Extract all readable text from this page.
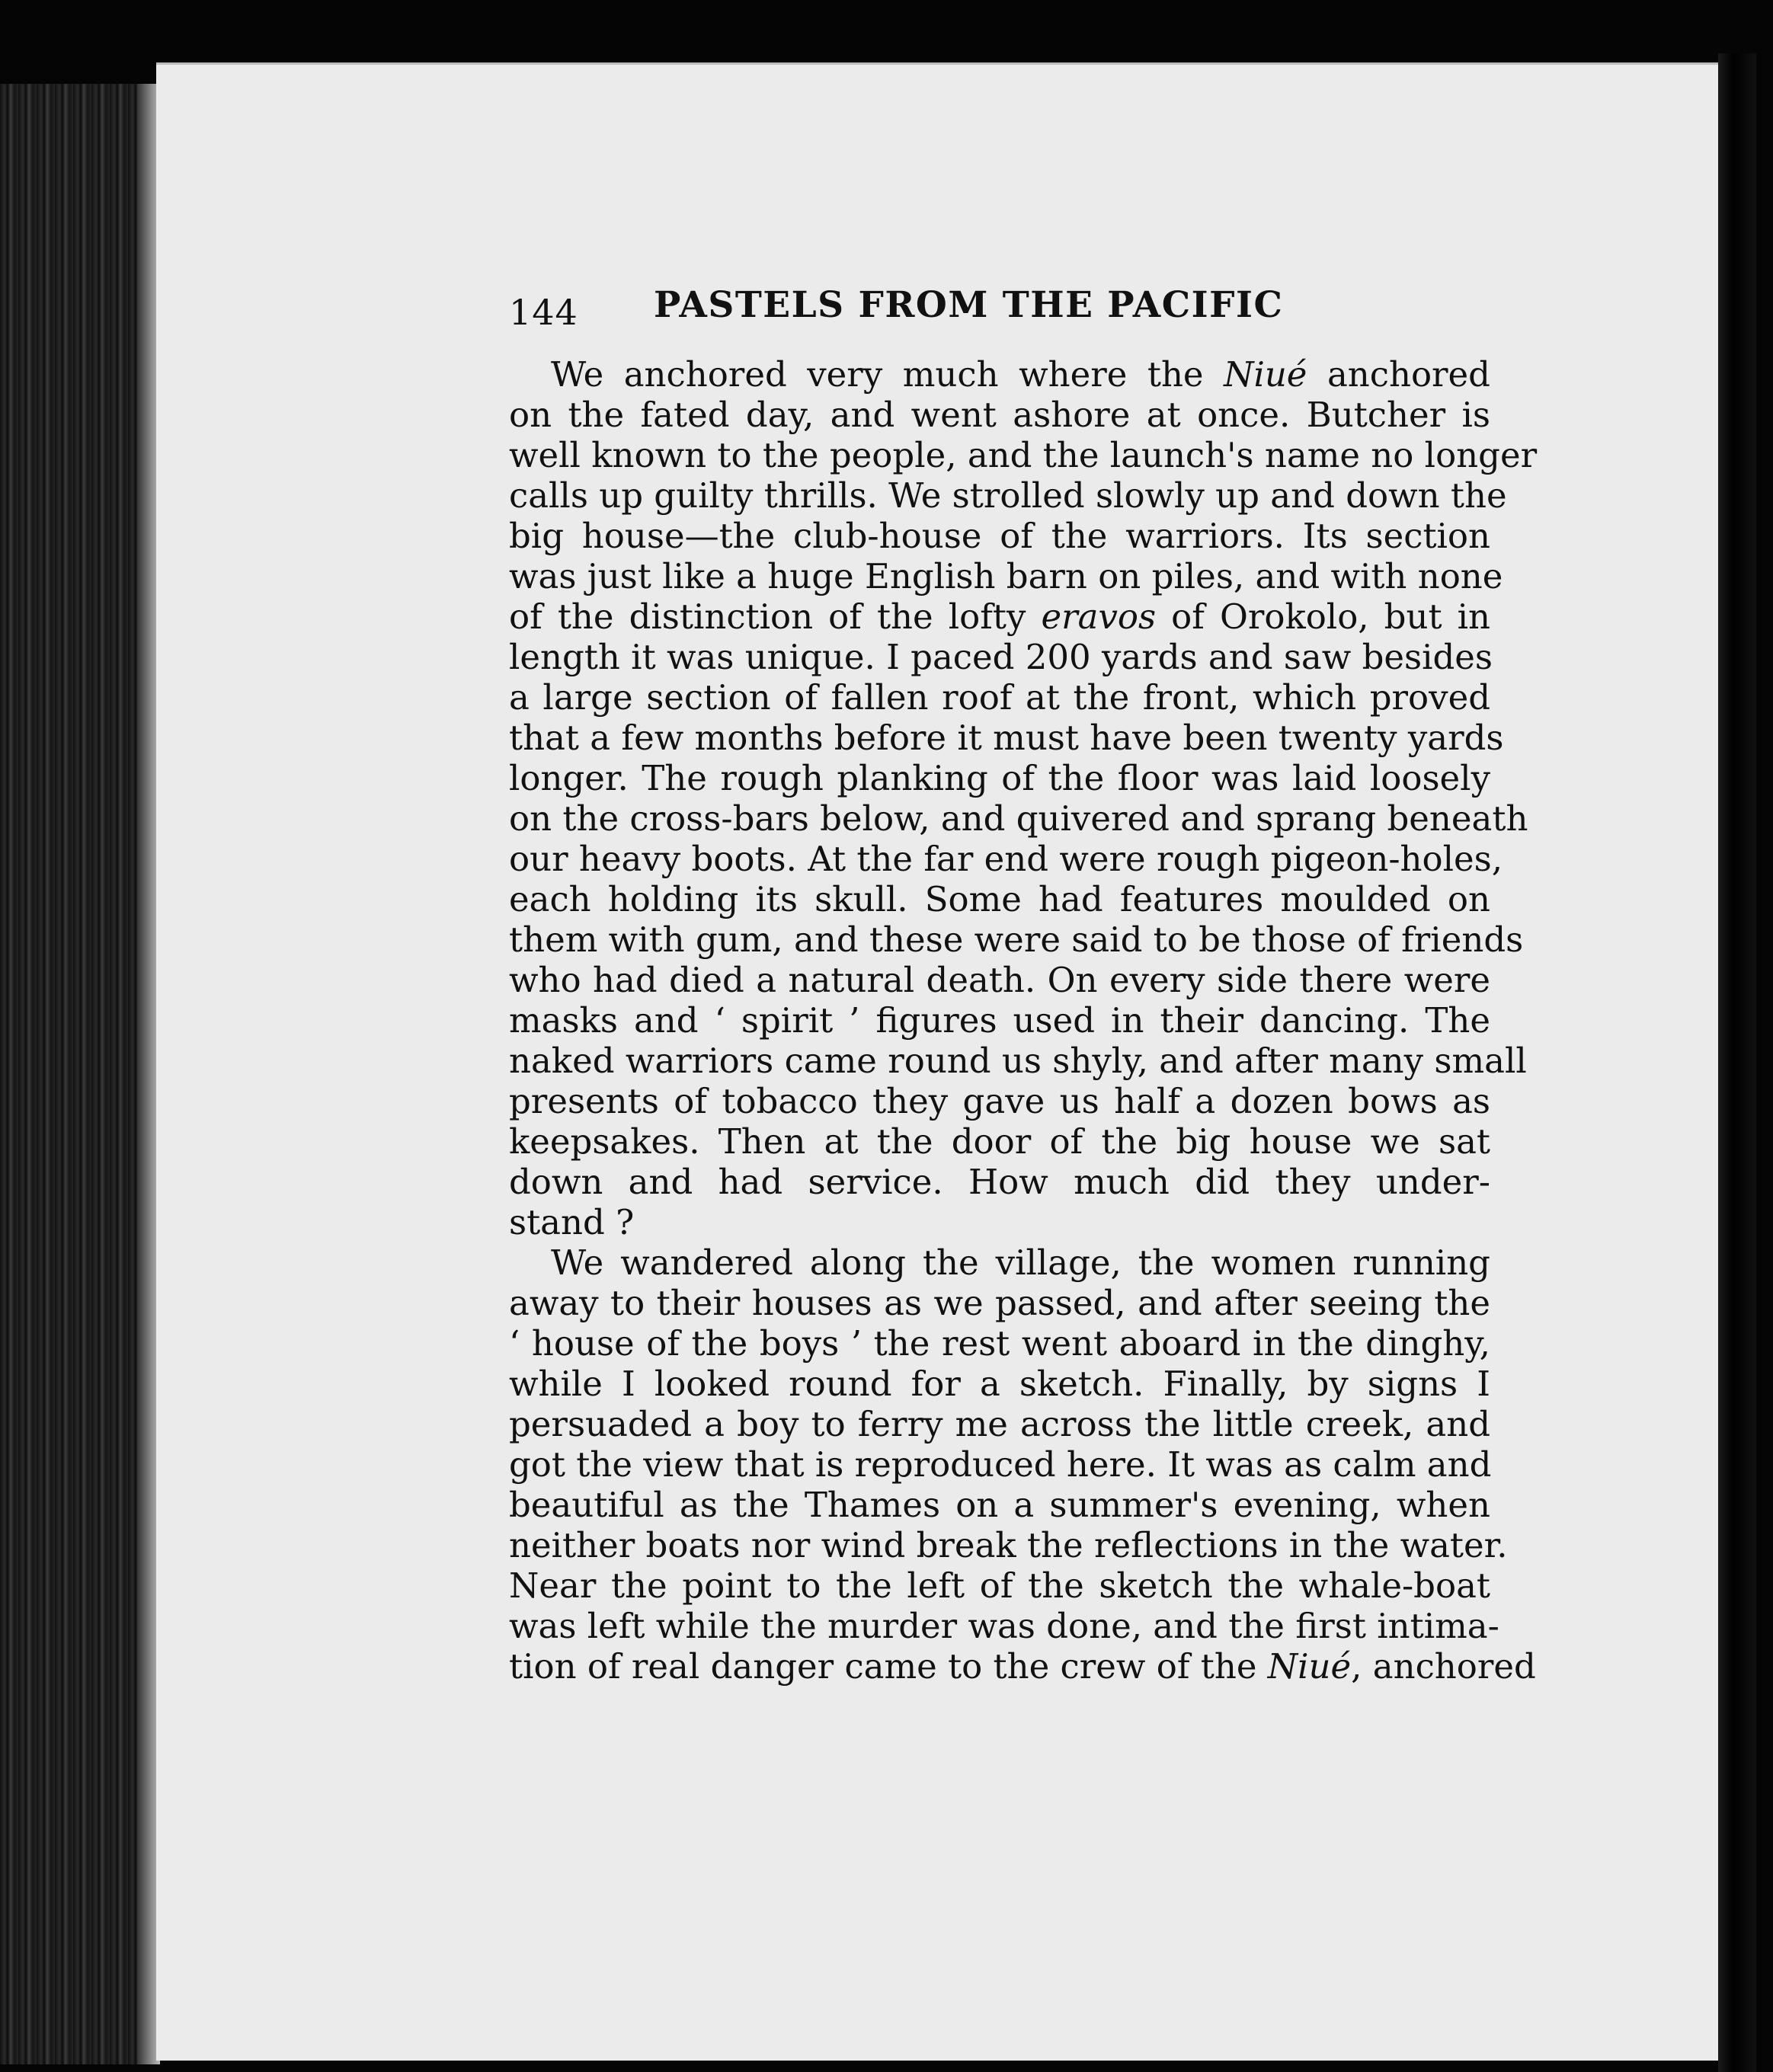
144 PASTELS FROM THE PACIFIC
We anchored very much where the Niué anchored
on the fated day, and went ashore at once. Butcher is
well known to the people, and the launch's name no longer
calls up guilty thrills. We strolled slowly up and down the
big house—the club-house of the warriors. Its section
was just like a huge English barn on piles, and with none
of the distinction of the lofty eravos of Orokolo, but in
length it was unique. I paced 200 yards and saw besides
a large section of fallen roof at the front, which proved
that a few months before it must have been twenty yards
longer. The rough planking of the floor was laid loosely
on the cross-bars below, and quivered and sprang beneath
our heavy boots. At the far end were rough pigeon-holes,
each holding its skull. Some had features moulded on
them with gum, and these were said to be those of friends
who had died a natural death. On every side there were
masks and ‘ spirit ’ figures used in their dancing. The
naked warriors came round us shyly, and after many small
presents of tobacco they gave us half a dozen bows as
keepsakes. Then at the door of the big house we sat
down and had service. How much did they under-
stand ?
We wandered along the village, the women running
away to their houses as we passed, and after seeing the
‘ house of the boys ’ the rest went aboard in the dinghy,
while I looked round for a sketch. Finally, by signs I
persuaded a boy to ferry me across the little creek, and
got the view that is reproduced here. It was as calm and
beautiful as the Thames on a summer's evening, when
neither boats nor wind break the reflections in the water.
Near the point to the left of the sketch the whale-boat
was left while the murder was done, and the first intima-
tion of real danger came to the crew of the Niué, anchored
